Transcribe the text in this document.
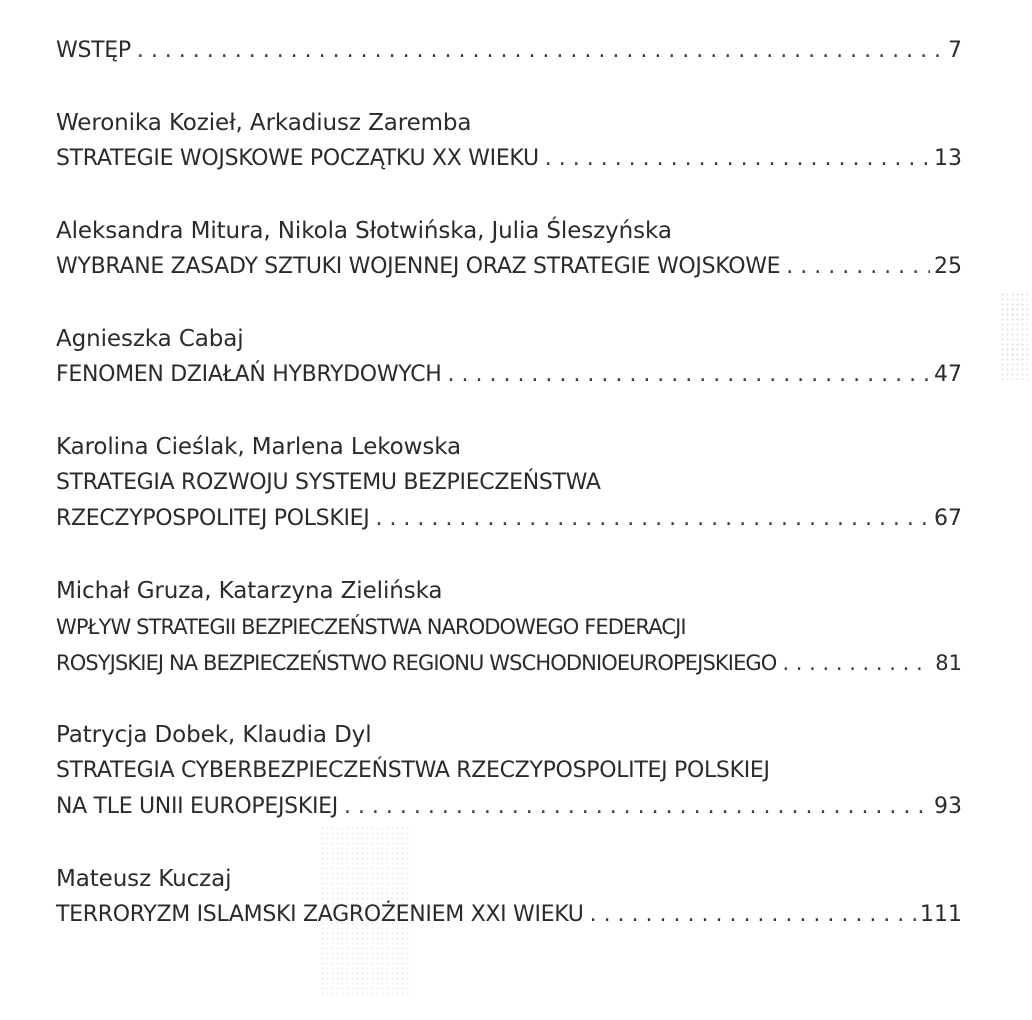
WSTĘP . . .	7
Weronika Kozieł, Arkadiusz Zaremba
STRATEGIE WOJSKOWE POCZĄTKU XX WIEKU . . .	13
Aleksandra Mitura, Nikola Słotwińska, Julia Śleszyńska
WYBRANE ZASADY SZTUKI WOJENNEJ ORAZ STRATEGIE WOJSKOWE . . .	25
Agnieszka Cabaj
FENOMEN DZIAŁAŃ HYBRYDOWYCH . . .	47
Karolina Cieślak, Marlena Lekowska
STRATEGIA ROZWOJU SYSTEMU BEZPIECZEŃSTWA
RZECZYPOSPOLITEJ POLSKIEJ . . .	67
Michał Gruza, Katarzyna Zielińska
WPŁYW STRATEGII BEZPIECZEŃSTWA NARODOWEGO FEDERACJI
ROSYJSKIEJ NA BEZPIECZEŃSTWO REGIONU WSCHODNIOEUROPEJSKIEGO . . .	81
Patrycja Dobek, Klaudia Dyl
STRATEGIA CYBERBEZPIECZEŃSTWA RZECZYPOSPOLITEJ POLSKIEJ
NA TLE UNII EUROPEJSKIEJ . . .	93
Mateusz Kuczaj
TERRORYZM ISLAMSKI ZAGROŻENIEM XXI WIEKU . . .	111
